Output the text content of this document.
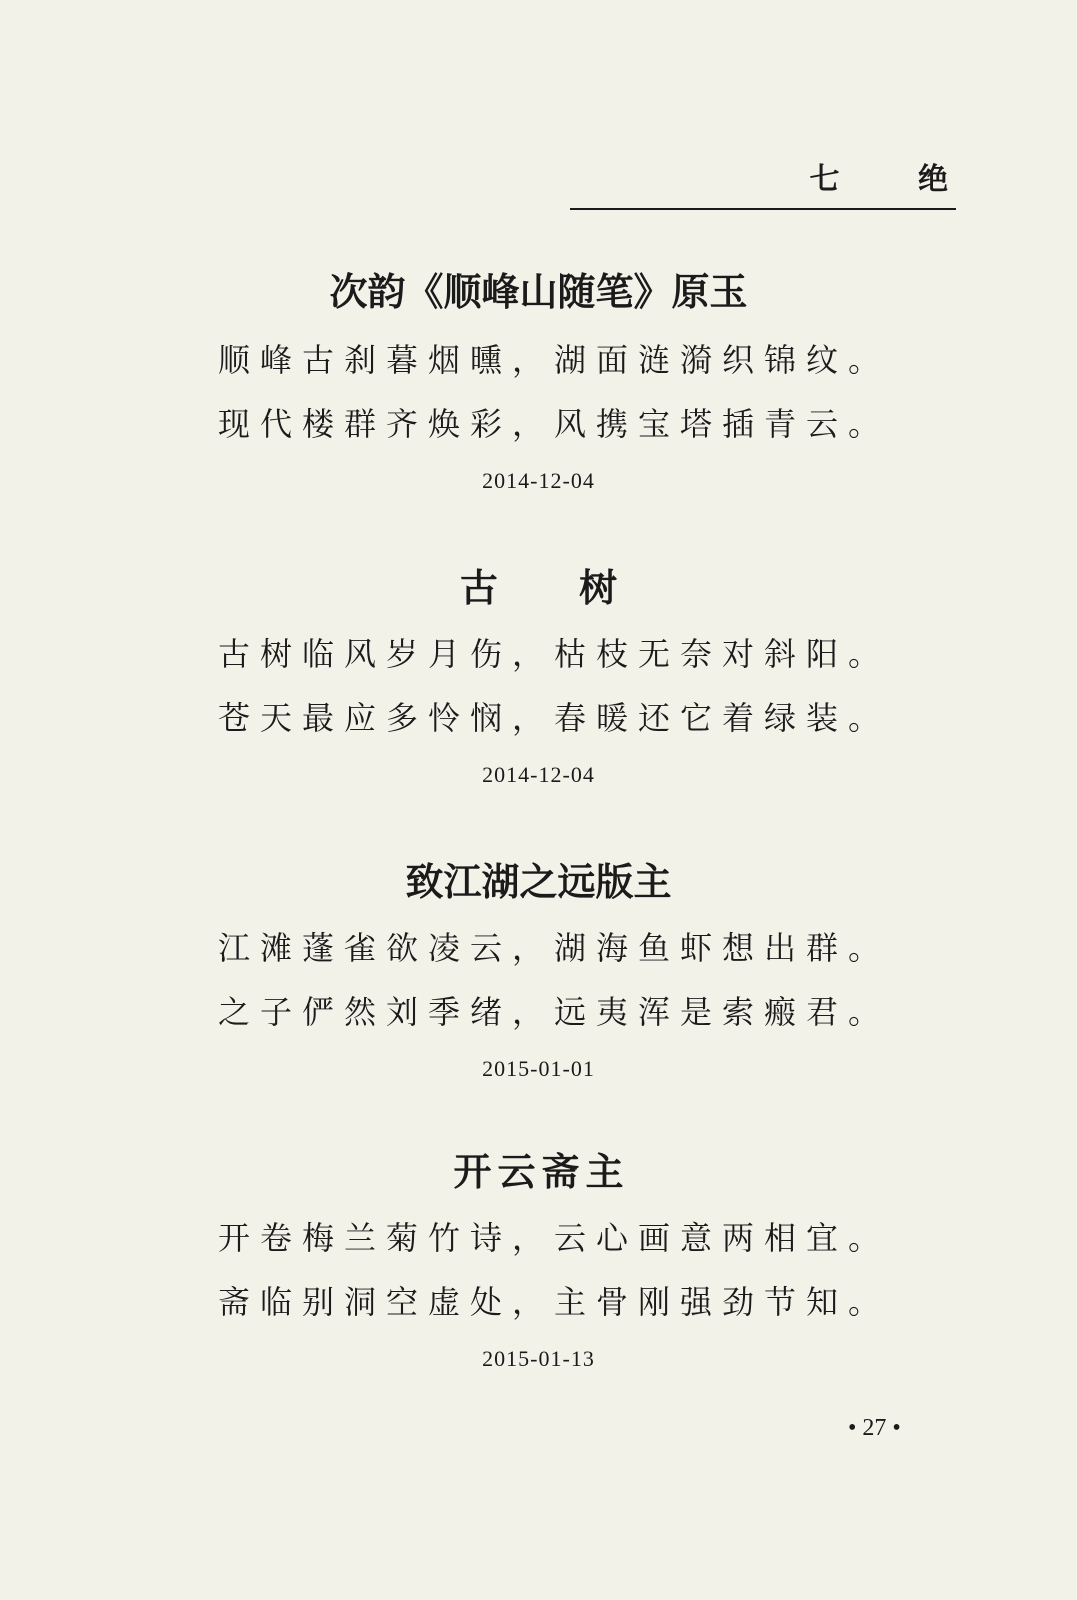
七 绝
次韵《顺峰山随笔》原玉
顺峰古刹暮烟曛，湖面涟漪织锦纹。
现代楼群齐焕彩，风携宝塔插青云。
2014-12-04
古 树
古树临风岁月伤，枯枝无奈对斜阳。
苍天最应多怜悯，春暖还它着绿装。
2014-12-04
致江湖之远版主
江滩蓬雀欲凌云，湖海鱼虾想出群。
之子俨然刘季绪，远夷浑是索瘢君。
2015-01-01
开云斋主
开卷梅兰菊竹诗，云心画意两相宜。
斋临别洞空虚处，主骨刚强劲节知。
2015-01-13
• 27 •
